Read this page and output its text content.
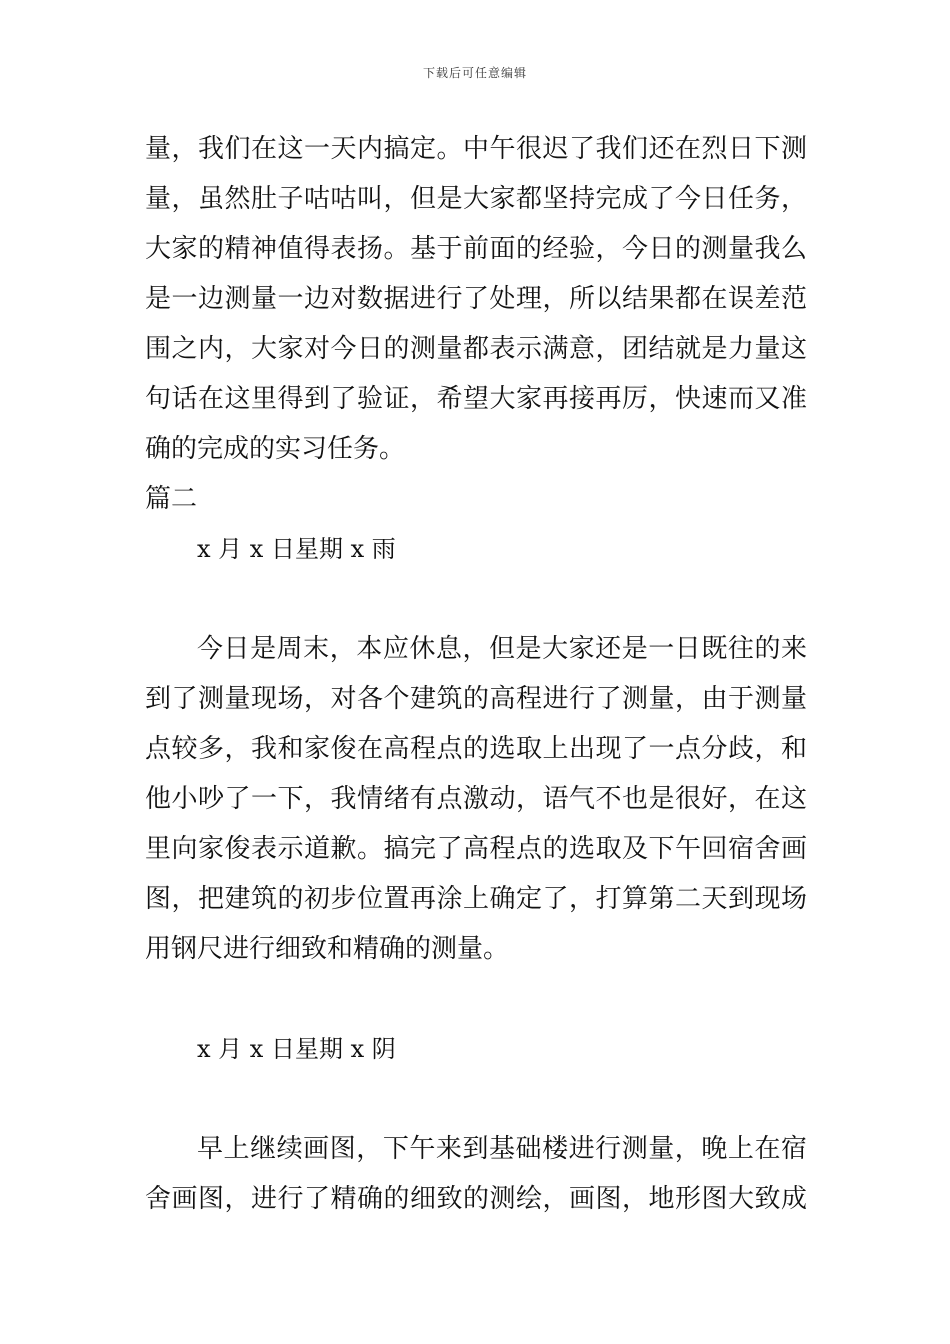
下载后可任意编辑
量，我们在这一天内搞定。中午很迟了我们还在烈日下测
量，虽然肚子咕咕叫，但是大家都坚持完成了今日任务，
大家的精神值得表扬。基于前面的经验，今日的测量我么
是一边测量一边对数据进行了处理，所以结果都在误差范
围之内，大家对今日的测量都表示满意，团结就是力量这
句话在这里得到了验证，希望大家再接再厉，快速而又准
确的完成的实习任务。
篇二
x 月 x 日星期 x 雨
今日是周末，本应休息，但是大家还是一日既往的来
到了测量现场，对各个建筑的高程进行了测量，由于测量
点较多，我和家俊在高程点的选取上出现了一点分歧，和
他小吵了一下，我情绪有点激动，语气不也是很好，在这
里向家俊表示道歉。搞完了高程点的选取及下午回宿舍画
图，把建筑的初步位置再涂上确定了，打算第二天到现场
用钢尺进行细致和精确的测量。
x 月 x 日星期 x 阴
早上继续画图，下午来到基础楼进行测量，晚上在宿
舍画图，进行了精确的细致的测绘，画图，地形图大致成
